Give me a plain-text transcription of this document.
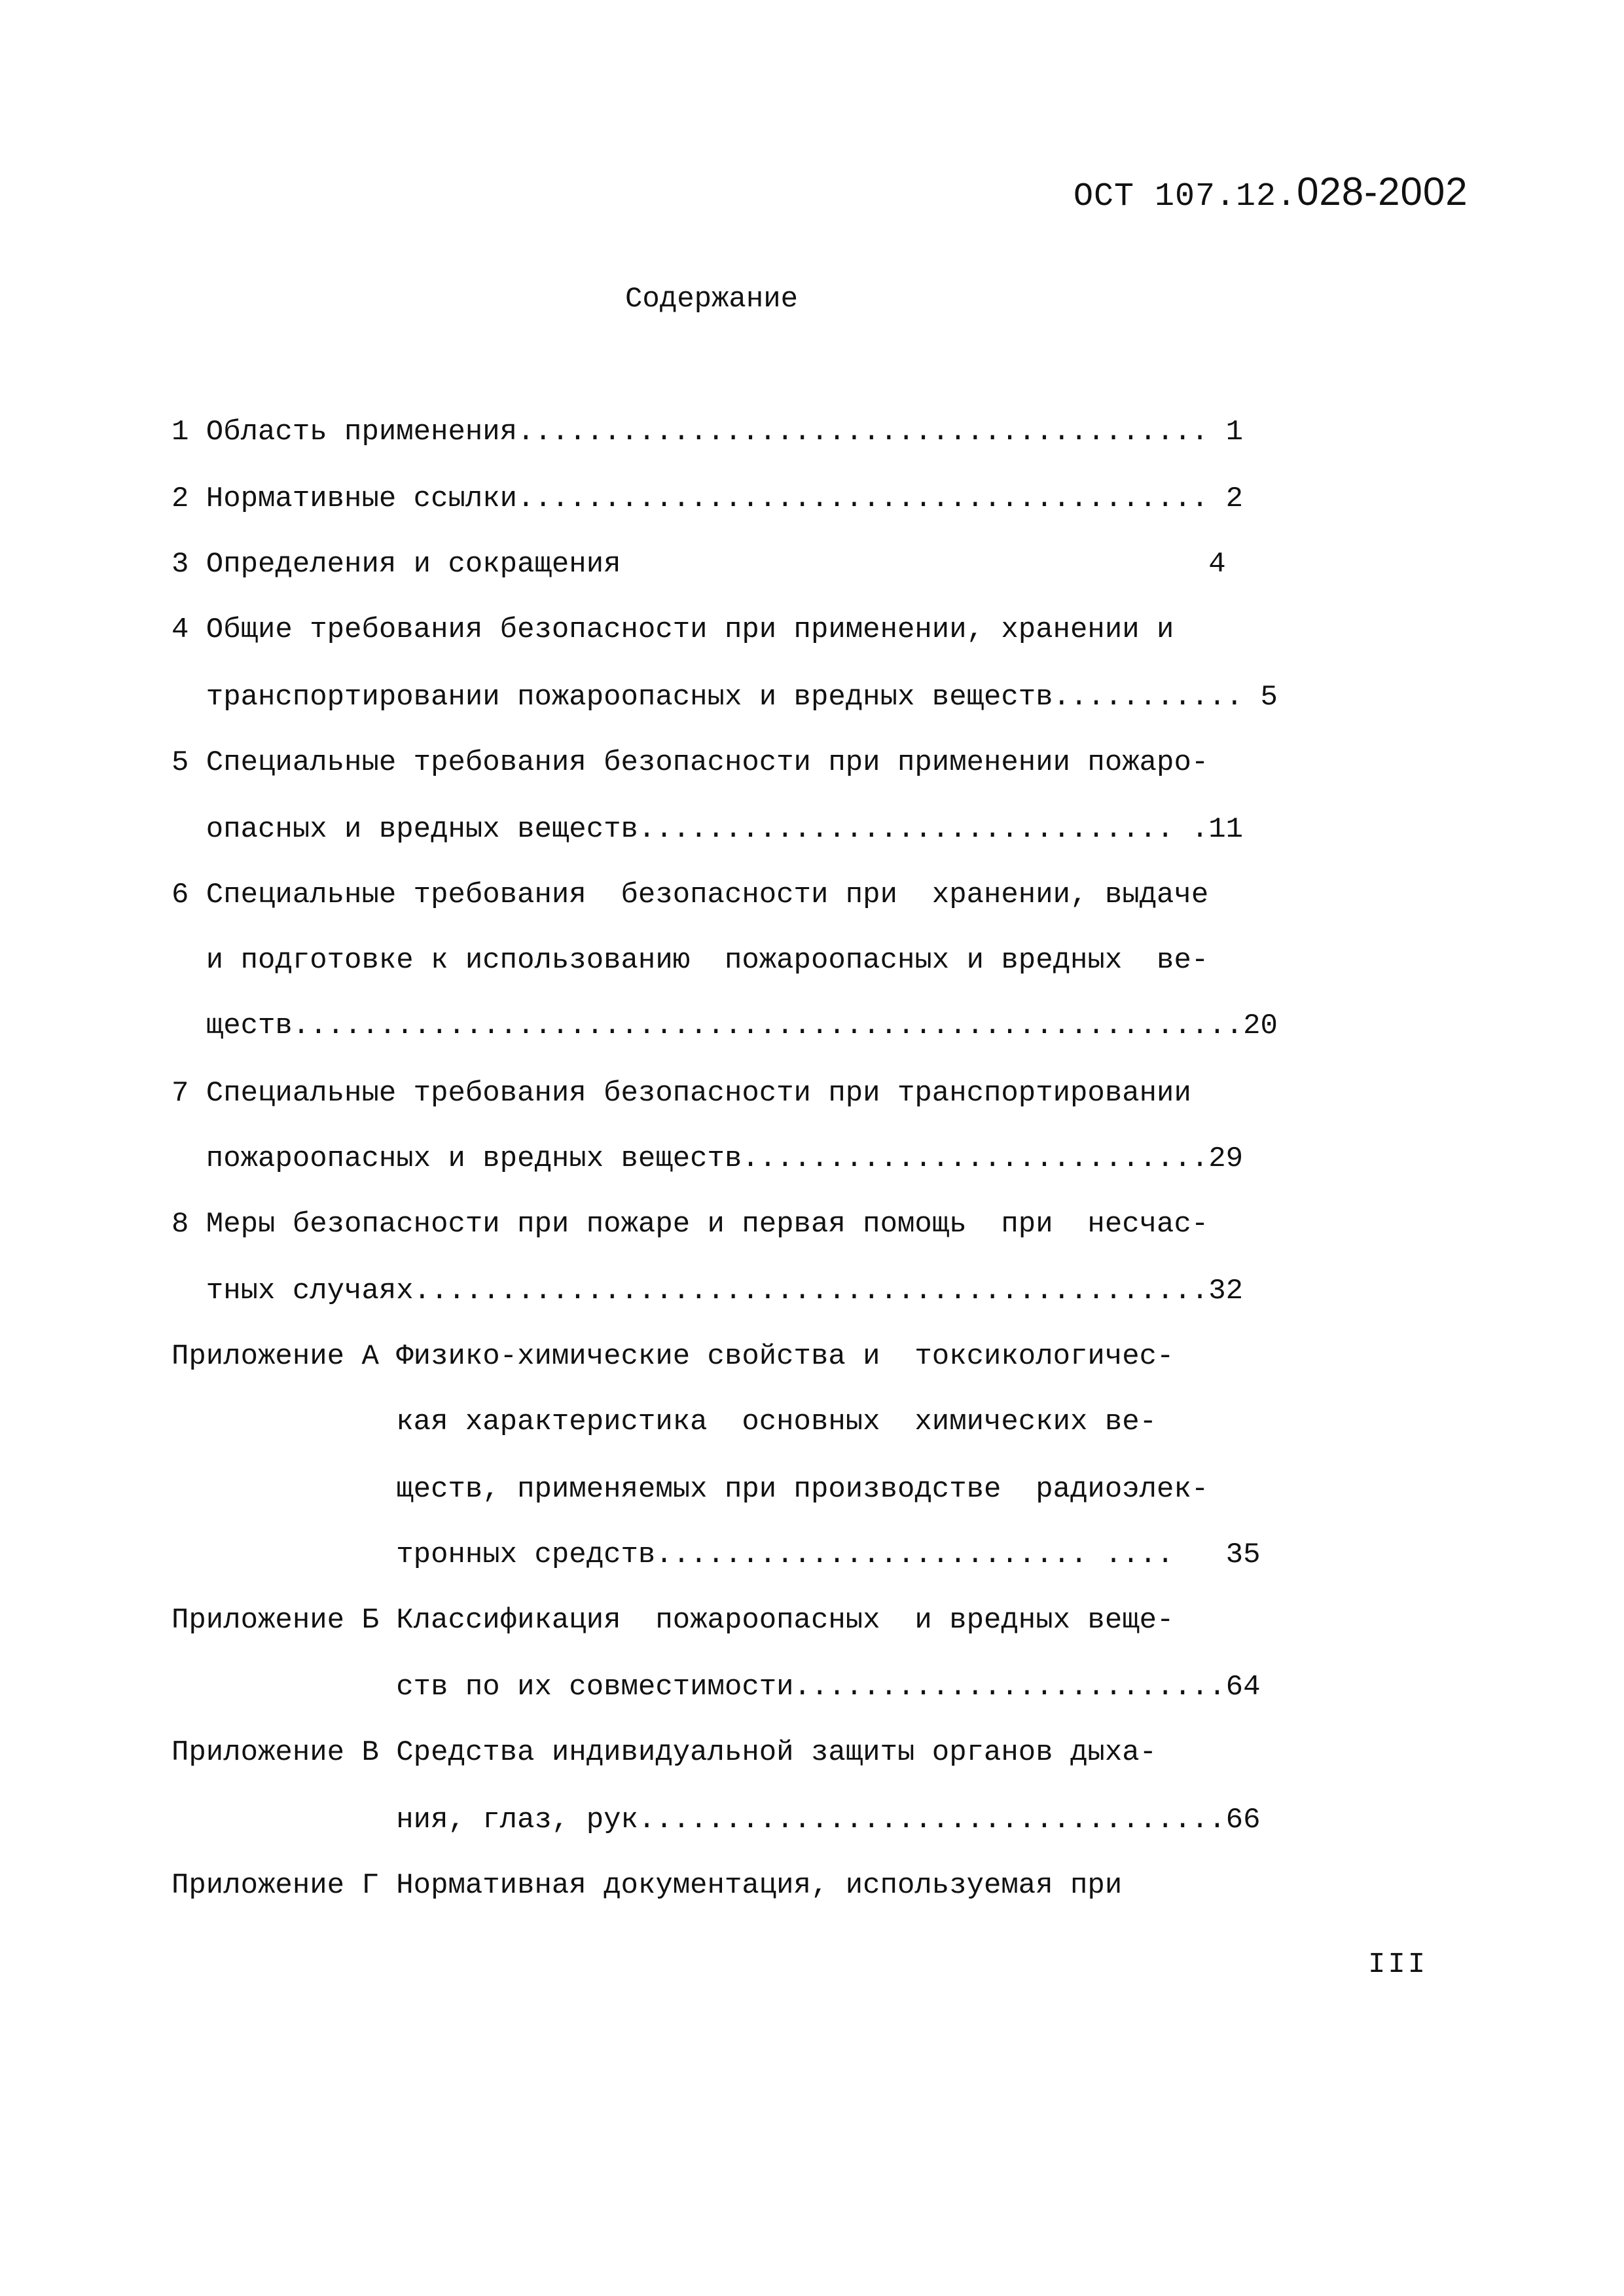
ОСТ 107.12.028-2002
Содержание
1 Область применения........................................ 1
2 Нормативные ссылки........................................ 2
3 Определения и сокращения                                  4
4 Общие требования безопасности при применении, хранении и
транспортировании пожароопасных и вредных веществ........... 5
5 Специальные требования безопасности при применении пожаро-
опасных и вредных веществ............................... .11
6 Специальные требования  безопасности при  хранении, выдаче
и подготовке к использованию  пожароопасных и вредных  ве-
ществ.......................................................20
7 Специальные требования безопасности при транспортировании
пожароопасных и вредных веществ...........................29
8 Меры безопасности при пожаре и первая помощь  при  несчас-
тных случаях..............................................32
Приложение А Физико-химические свойства и  токсикологичес-
кая характеристика  основных  химических ве-
ществ, применяемых при производстве  радиоэлек-
тронных средств......................... ....   35
Приложение Б Классификация  пожароопасных  и вредных веще-
ств по их совместимости.........................64
Приложение В Средства индивидуальной защиты органов дыха-
ния, глаз, рук..................................66
Приложение Г Нормативная документация, используемая при
III
